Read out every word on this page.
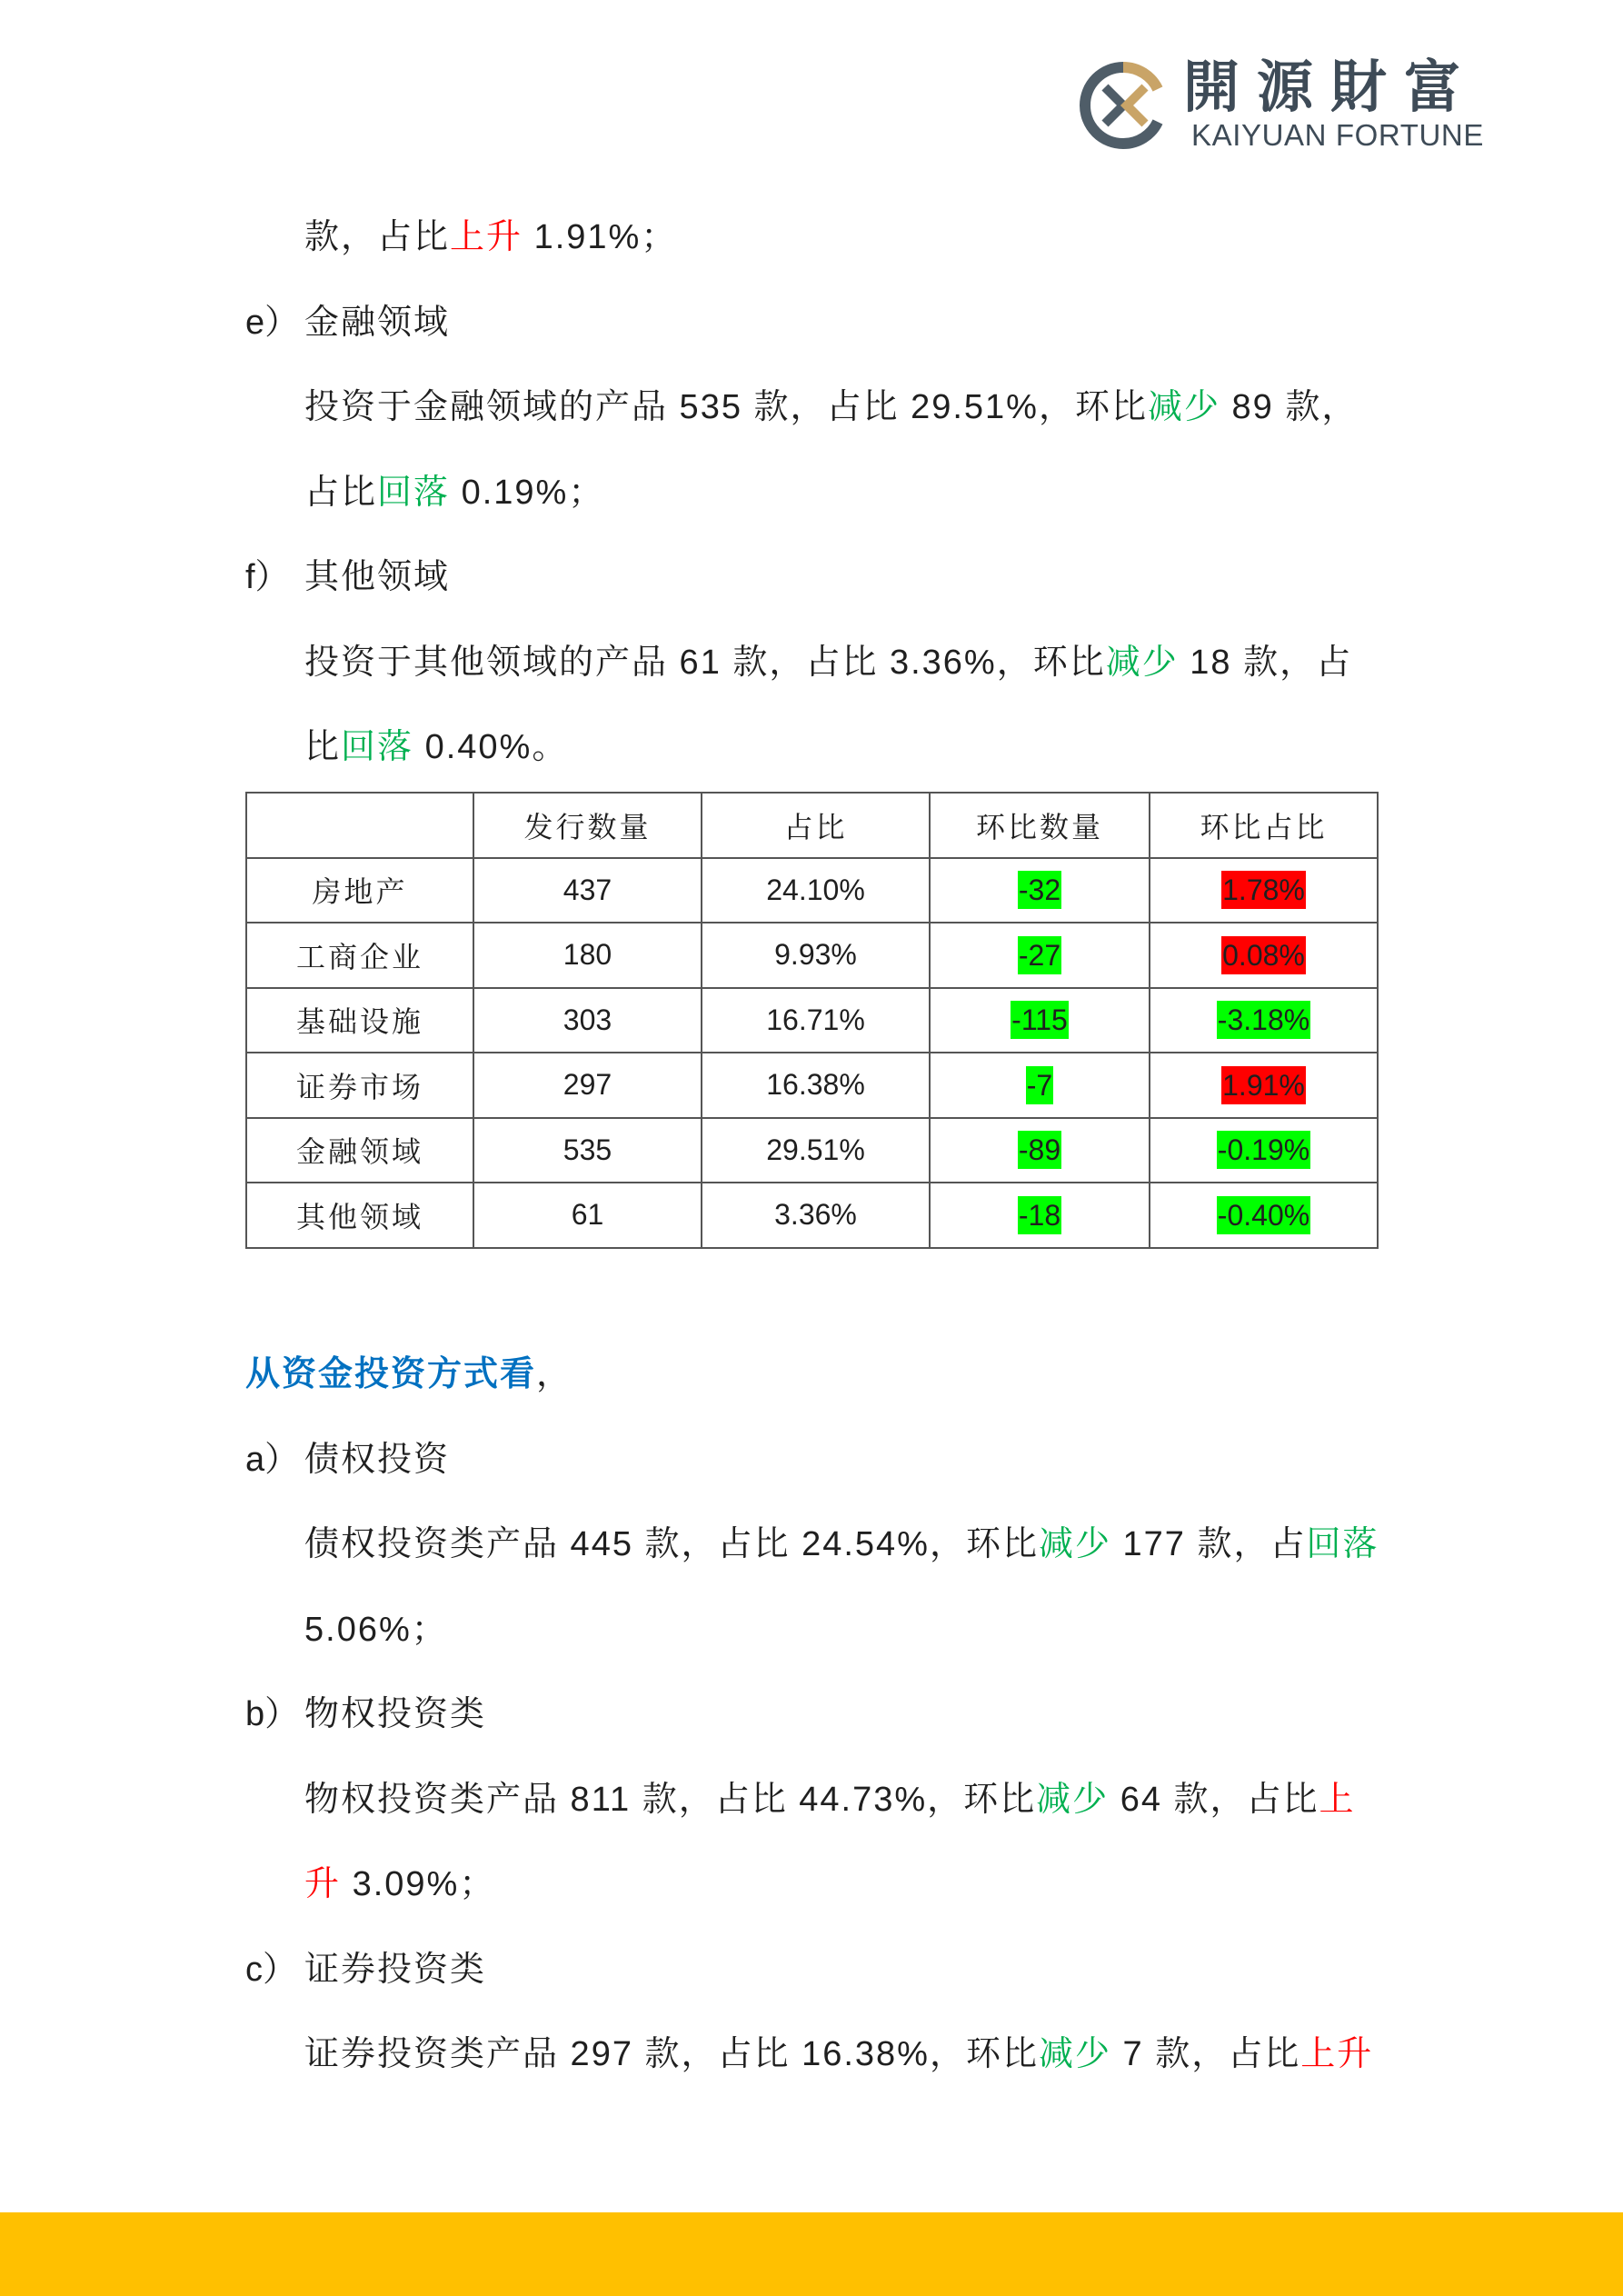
開源財富
KAIYUAN FORTUNE
款，占比上升 1.91%；
e） 金融领域
投资于金融领域的产品 535 款，占比 29.51%，环比减少 89 款，
占比回落 0.19%；
f） 其他领域
投资于其他领域的产品 61 款，占比 3.36%，环比减少 18 款，占
比回落 0.40%。
	发行数量	占比	环比数量	环比占比
房地产	437	24.10%	-32	1.78%
工商企业	180	9.93%	-27	0.08%
基础设施	303	16.71%	-115	-3.18%
证券市场	297	16.38%	-7	1.91%
金融领域	535	29.51%	-89	-0.19%
其他领域	61	3.36%	-18	-0.40%
从资金投资方式看，
a） 债权投资
债权投资类产品 445 款，占比 24.54%，环比减少 177 款，占回落
5.06%；
b） 物权投资类
物权投资类产品 811 款，占比 44.73%，环比减少 64 款，占比上
升 3.09%；
c） 证券投资类
证券投资类产品 297 款，占比 16.38%，环比减少 7 款，占比上升
